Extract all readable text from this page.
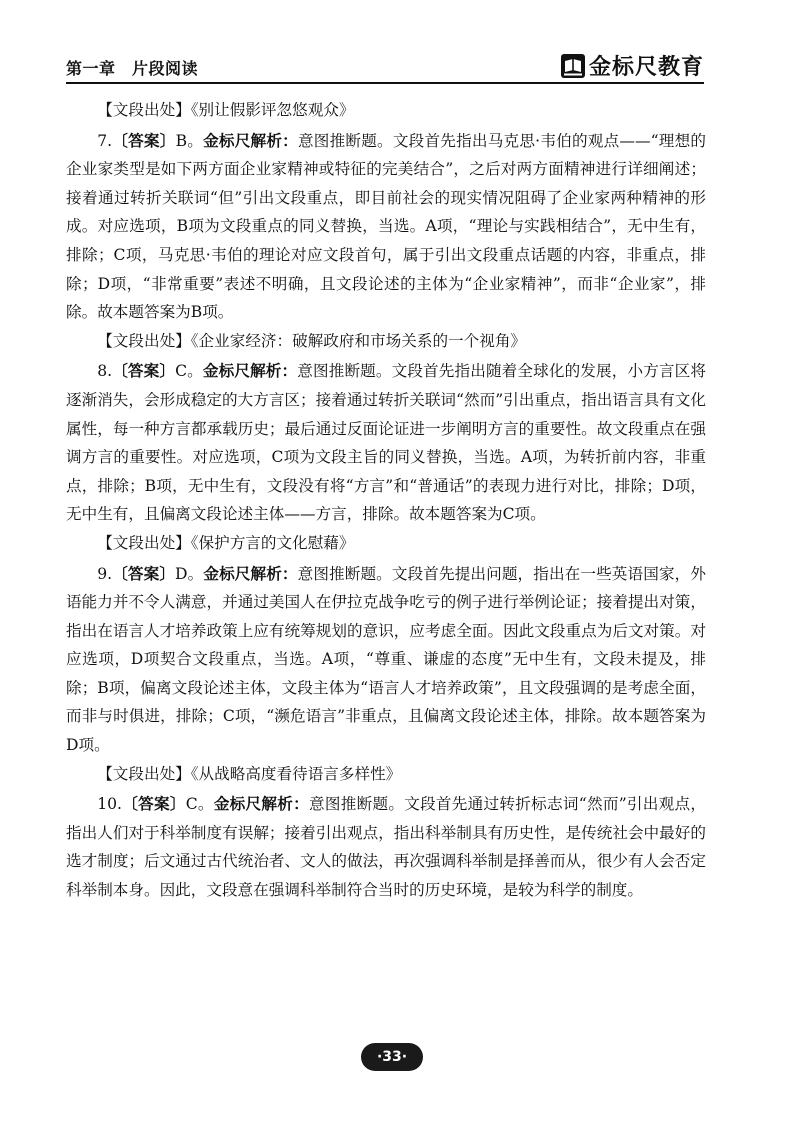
第一章　片段阅读	金标尺教育

【文段出处】《别让假影评忽悠观众》

7.〔答案〕B。金标尺解析：意图推断题。文段首先指出马克思·韦伯的观点——“理想的企业家类型是如下两方面企业家精神或特征的完美结合”，之后对两方面精神进行详细阐述；接着通过转折关联词“但”引出文段重点，即目前社会的现实情况阻碍了企业家两种精神的形成。对应选项，B项为文段重点的同义替换，当选。A项，“理论与实践相结合”，无中生有，排除；C项，马克思·韦伯的理论对应文段首句，属于引出文段重点话题的内容，非重点，排除；D项，“非常重要”表述不明确，且文段论述的主体为“企业家精神”，而非“企业家”，排除。故本题答案为B项。

【文段出处】《企业家经济：破解政府和市场关系的一个视角》

8.〔答案〕C。金标尺解析：意图推断题。文段首先指出随着全球化的发展，小方言区将逐渐消失，会形成稳定的大方言区；接着通过转折关联词“然而”引出重点，指出语言具有文化属性，每一种方言都承载历史；最后通过反面论证进一步阐明方言的重要性。故文段重点在强调方言的重要性。对应选项，C项为文段主旨的同义替换，当选。A项，为转折前内容，非重点，排除；B项，无中生有，文段没有将“方言”和“普通话”的表现力进行对比，排除；D项，无中生有，且偏离文段论述主体——方言，排除。故本题答案为C项。

【文段出处】《保护方言的文化慰藉》

9.〔答案〕D。金标尺解析：意图推断题。文段首先提出问题，指出在一些英语国家，外语能力并不令人满意，并通过美国人在伊拉克战争吃亏的例子进行举例论证；接着提出对策，指出在语言人才培养政策上应有统筹规划的意识，应考虑全面。因此文段重点为后文对策。对应选项，D项契合文段重点，当选。A项，“尊重、谦虚的态度”无中生有，文段未提及，排除；B项，偏离文段论述主体，文段主体为“语言人才培养政策”，且文段强调的是考虑全面，而非与时俱进，排除；C项，“濒危语言”非重点，且偏离文段论述主体，排除。故本题答案为D项。

【文段出处】《从战略高度看待语言多样性》

10.〔答案〕C。金标尺解析：意图推断题。文段首先通过转折标志词“然而”引出观点，指出人们对于科举制度有误解；接着引出观点，指出科举制具有历史性，是传统社会中最好的选才制度；后文通过古代统治者、文人的做法，再次强调科举制是择善而从，很少有人会否定科举制本身。因此，文段意在强调科举制符合当时的历史环境，是较为科学的制度。

·33·
